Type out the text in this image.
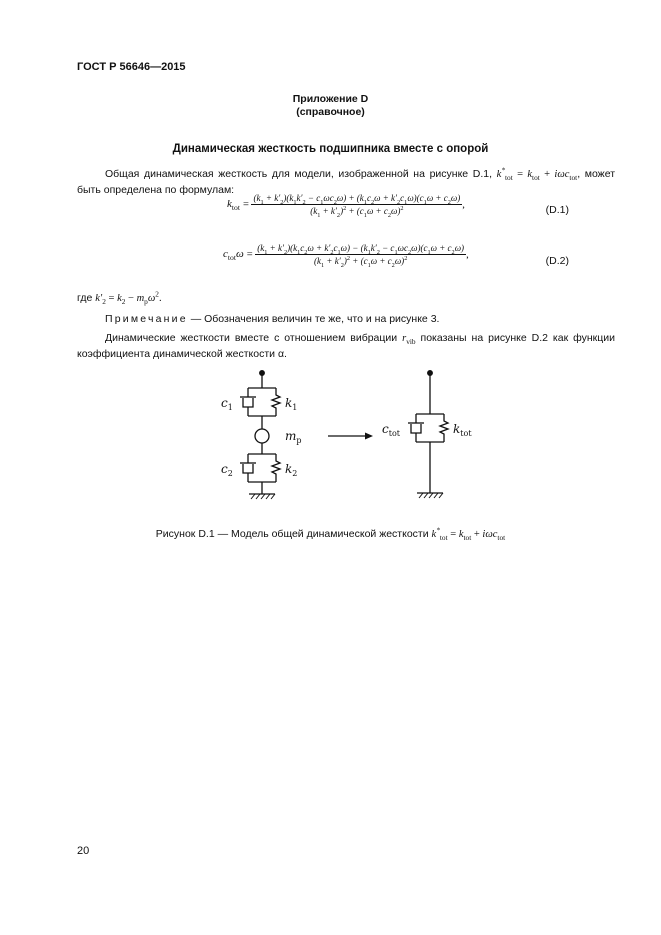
ГОСТ Р 56646—2015
Приложение D
(справочное)
Динамическая жесткость подшипника вместе с опорой
Общая динамическая жесткость для модели, изображенной на рисунке D.1, $k^*_{tot} = k_{tot} + i\omega c_{tot}$, может быть определена по формулам:
$k_{tot} = \frac{(k_1 + k'_2)(k_1k'_2 - c_1\omega c_2\omega) + (k_1c_2\omega + k'_2c_1\omega)(c_1\omega + c_2\omega)}{(k_1 + k'_2)^2 + (c_1\omega + c_2\omega)^2}$ ,	(D.1)
$c_{tot}\omega = \frac{(k_1 + k'_2)(k_1c_2\omega + k'_2c_1\omega) - (k_1k'_2 - c_1\omega c_2\omega)(c_1\omega + c_2\omega)}{(k_1 + k'_2)^2 + (c_1\omega + c_2\omega)^2}$ ,
(D.2)
где $k'_2 = k_2 - m_p\omega^2$.
Примечание — Обозначения величин те же, что и на рисунке 3.
Динамические жесткости вместе с отношением вибрации $r_{vib}$ показаны на рисунке D.2 как функции коэффициента динамической жесткости α.
$c_1$	$k_1$
$m_p$
$c_2$	$k_2$
$c_{tot}$	$k_{tot}$
Рисунок D.1 — Модель общей динамической жесткости $k^*_{tot} = k_{tot} + i\omega c_{tot}$
20
